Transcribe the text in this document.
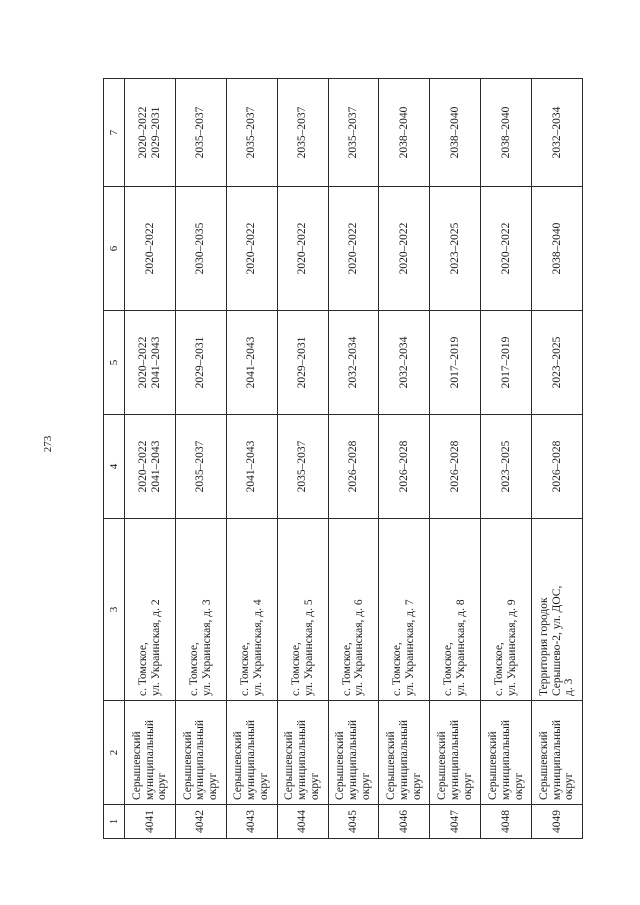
273
1	2	3	4	5	6	7
4041	Серышевский муниципальный округ	с. Томское, ул. Украинская, д. 2	2020–2022 2041–2043	2020–2022 2041–2043	2020–2022	2020–2022 2029–2031

4042	Серышевский муниципальный округ	с. Томское, ул. Украинская, д. 3	2035–2037	2029–2031	2030–2035	2035–2037

4043	Серышевский муниципальный округ	с. Томское, ул. Украинская, д. 4	2041–2043	2041–2043	2020–2022	2035–2037

4044	Серышевский муниципальный округ	с. Томское, ул. Украинская, д. 5	2035–2037	2029–2031	2020–2022	2035–2037

4045	Серышевский муниципальный округ	с. Томское, ул. Украинская, д. 6	2026–2028	2032–2034	2020–2022	2035–2037

4046	Серышевский муниципальный округ	с. Томское, ул. Украинская, д. 7	2026–2028	2032–2034	2020–2022	2038–2040

4047	Серышевский муниципальный округ	с. Томское, ул. Украинская, д. 8	2026–2028	2017–2019	2023–2025	2038–2040

4048	Серышевский муниципальный округ	с. Томское, ул. Украинская, д. 9	2023–2025	2017–2019	2020–2022	2038–2040

4049	Серышевский муниципальный округ	Территория городок Серышево-2, ул. ДОС, д. 3	2026–2028	2023–2025	2038–2040	2032–2034
